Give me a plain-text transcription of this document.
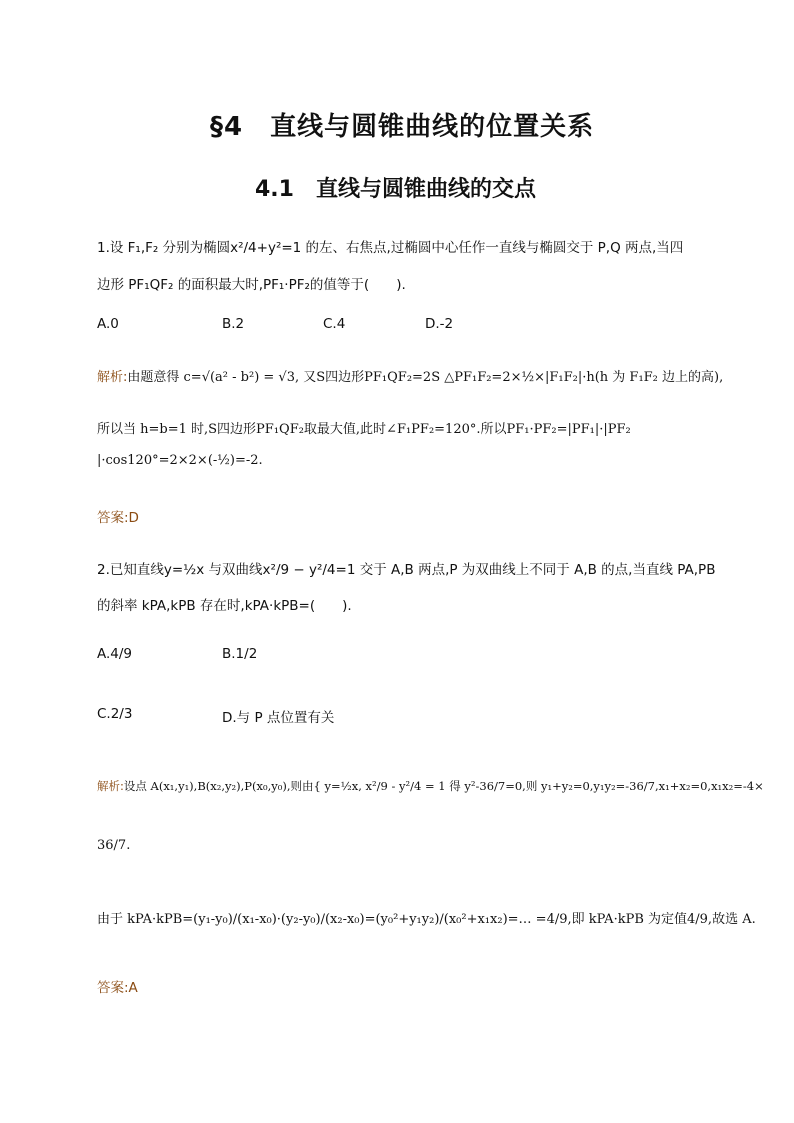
§4　直线与圆锥曲线的位置关系
4.1　直线与圆锥曲线的交点
1.设 F₁,F₂ 分别为椭圆x²/4+y²=1 的左、右焦点,过椭圆中心任作一直线与椭圆交于 P,Q 两点,当四
边形 PF₁QF₂ 的面积最大时,PF₁·PF₂的值等于(　　).
A.0	B.2	C.4	D.-2
解析:由题意得 c=√(a² - b²) = √3, 又S四边形PF₁QF₂=2S △PF₁F₂=2×½×|F₁F₂|·h(h 为 F₁F₂ 边上的高),
所以当 h=b=1 时,S四边形PF₁QF₂取最大值,此时∠F₁PF₂=120°.所以PF₁·PF₂=|PF₁|·|PF₂
|·cos120°=2×2×(-½)=-2.
答案:D
2.已知直线y=½x 与双曲线x²/9 − y²/4=1 交于 A,B 两点,P 为双曲线上不同于 A,B 的点,当直线 PA,PB
的斜率 kPA,kPB 存在时,kPA·kPB=(　　).
A.4/9	B.1/2
C.2/3	D.与 P 点位置有关
解析:设点 A(x₁,y₁),B(x₂,y₂),P(x₀,y₀),则由{ y=½x, x²/9 - y²/4 = 1 得 y²-36/7=0,则 y₁+y₂=0,y₁y₂=-36/7,x₁+x₂=0,x₁x₂=-4×
36/7.
由于 kPA·kPB=(y₁-y₀)/(x₁-x₀)·(y₂-y₀)/(x₂-x₀)=(y₀²+y₁y₂)/(x₀²+x₁x₂)=… =4/9,即 kPA·kPB 为定值4/9,故选 A.
答案:A
